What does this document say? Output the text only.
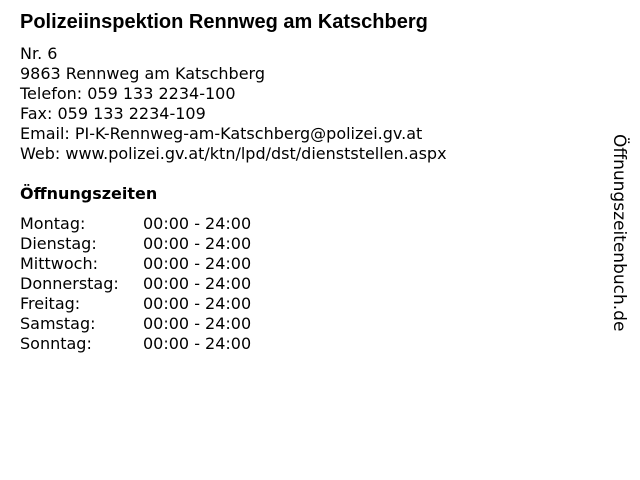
Polizeiinspektion Rennweg am Katschberg
Nr. 6
9863 Rennweg am Katschberg
Telefon: 059 133 2234-100
Fax: 059 133 2234-109
Email: PI-K-Rennweg-am-Katschberg@polizei.gv.at
Web: www.polizei.gv.at/ktn/lpd/dst/dienststellen.aspx
Öffnungszeiten
Montag:	00:00 - 24:00
Dienstag:	00:00 - 24:00
Mittwoch:	00:00 - 24:00
Donnerstag:	00:00 - 24:00
Freitag:	00:00 - 24:00
Samstag:	00:00 - 24:00
Sonntag:	00:00 - 24:00
Öffnungszeitenbuch.de
